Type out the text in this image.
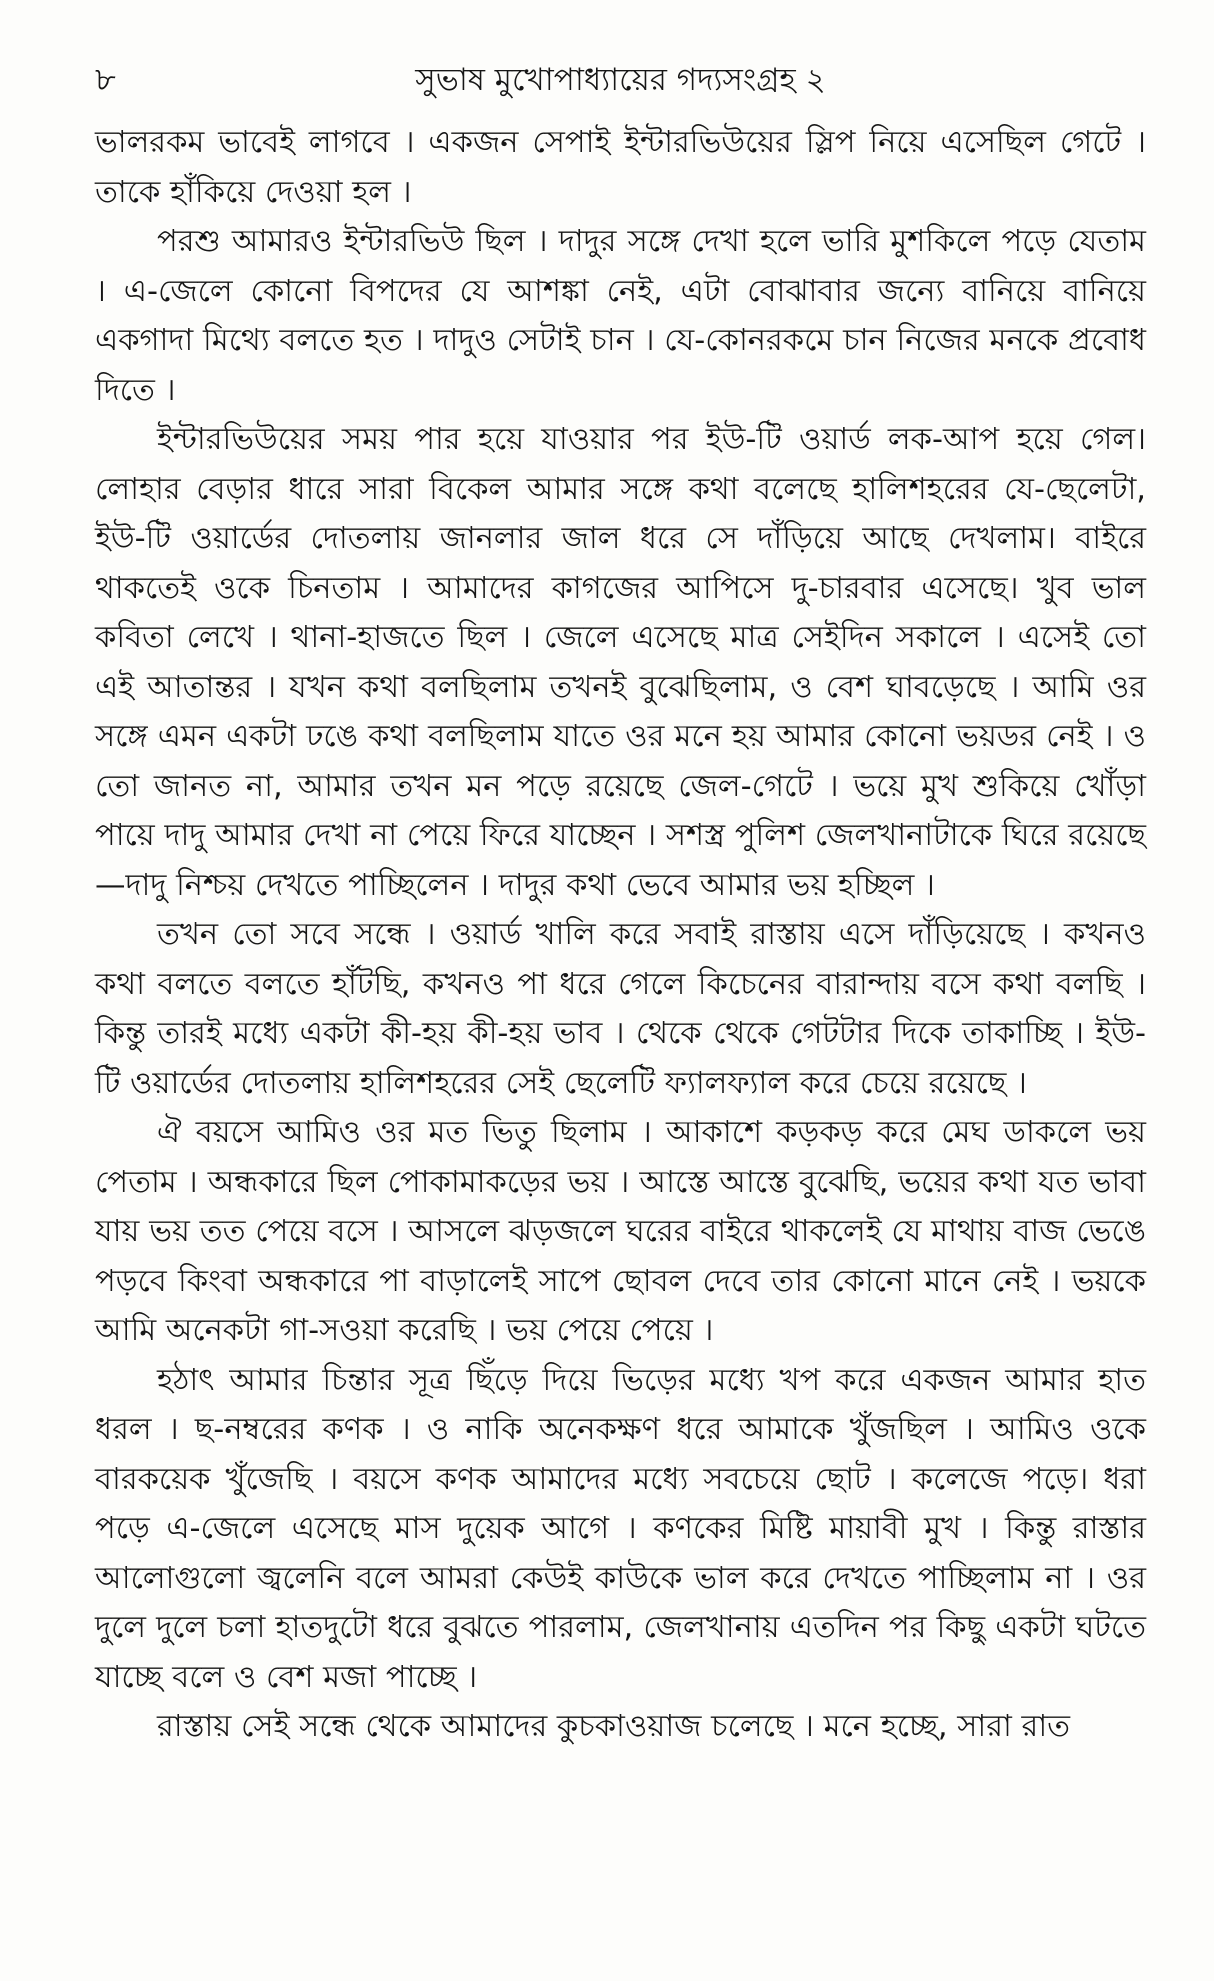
৮	সুভাষ মুখোপাধ্যায়ের গদ্যসংগ্রহ ২

ভালরকম ভাবেই লাগবে । একজন সেপাই ইন্টারভিউয়ের স্লিপ নিয়ে এসেছিল গেটে । তাকে হাঁকিয়ে দেওয়া হল ।

পরশু আমারও ইন্টারভিউ ছিল । দাদুর সঙ্গে দেখা হলে ভারি মুশকিলে পড়ে যেতাম । এ-জেলে কোনো বিপদের যে আশঙ্কা নেই, এটা বোঝাবার জন্যে বানিয়ে বানিয়ে একগাদা মিথ্যে বলতে হত । দাদুও সেটাই চান । যে-কোনরকমে চান নিজের মনকে প্রবোধ দিতে ।

ইন্টারভিউয়ের সময় পার হয়ে যাওয়ার পর ইউ-টি ওয়ার্ড লক-আপ হয়ে গেল। লোহার বেড়ার ধারে সারা বিকেল আমার সঙ্গে কথা বলেছে হালিশহরের যে-ছেলেটা, ইউ-টি ওয়ার্ডের দোতলায় জানলার জাল ধরে সে দাঁড়িয়ে আছে দেখলাম। বাইরে থাকতেই ওকে চিনতাম । আমাদের কাগজের আপিসে দু-চারবার এসেছে। খুব ভাল কবিতা লেখে । থানা-হাজতে ছিল । জেলে এসেছে মাত্র সেইদিন সকালে । এসেই তো এই আতান্তর । যখন কথা বলছিলাম তখনই বুঝেছিলাম, ও বেশ ঘাবড়েছে । আমি ওর সঙ্গে এমন একটা ঢঙে কথা বলছিলাম যাতে ওর মনে হয় আমার কোনো ভয়ডর নেই । ও তো জানত না, আমার তখন মন পড়ে রয়েছে জেল-গেটে । ভয়ে মুখ শুকিয়ে খোঁড়া পায়ে দাদু আমার দেখা না পেয়ে ফিরে যাচ্ছেন । সশস্ত্র পুলিশ জেলখানাটাকে ঘিরে রয়েছে—দাদু নিশ্চয় দেখতে পাচ্ছিলেন । দাদুর কথা ভেবে আমার ভয় হচ্ছিল ।

তখন তো সবে সন্ধে । ওয়ার্ড খালি করে সবাই রাস্তায় এসে দাঁড়িয়েছে । কখনও কথা বলতে বলতে হাঁটছি, কখনও পা ধরে গেলে কিচেনের বারান্দায় বসে কথা বলছি । কিন্তু তারই মধ্যে একটা কী-হয় কী-হয় ভাব । থেকে থেকে গেটটার দিকে তাকাচ্ছি । ইউ-টি ওয়ার্ডের দোতলায় হালিশহরের সেই ছেলেটি ফ্যালফ্যাল করে চেয়ে রয়েছে ।

ঐ বয়সে আমিও ওর মত ভিতু ছিলাম । আকাশে কড়কড় করে মেঘ ডাকলে ভয় পেতাম । অন্ধকারে ছিল পোকামাকড়ের ভয় । আস্তে আস্তে বুঝেছি, ভয়ের কথা যত ভাবা যায় ভয় তত পেয়ে বসে । আসলে ঝড়জলে ঘরের বাইরে থাকলেই যে মাথায় বাজ ভেঙে পড়বে কিংবা অন্ধকারে পা বাড়ালেই সাপে ছোবল দেবে তার কোনো মানে নেই । ভয়কে আমি অনেকটা গা-সওয়া করেছি । ভয় পেয়ে পেয়ে ।

হঠাৎ আমার চিন্তার সূত্র ছিঁড়ে দিয়ে ভিড়ের মধ্যে খপ করে একজন আমার হাত ধরল । ছ-নম্বরের কণক । ও নাকি অনেকক্ষণ ধরে আমাকে খুঁজছিল । আমিও ওকে বারকয়েক খুঁজেছি । বয়সে কণক আমাদের মধ্যে সবচেয়ে ছোট । কলেজে পড়ে। ধরা পড়ে এ-জেলে এসেছে মাস দুয়েক আগে । কণকের মিষ্টি মায়াবী মুখ । কিন্তু রাস্তার আলোগুলো জ্বলেনি বলে আমরা কেউই কাউকে ভাল করে দেখতে পাচ্ছিলাম না । ওর দুলে দুলে চলা হাতদুটো ধরে বুঝতে পারলাম, জেলখানায় এতদিন পর কিছু একটা ঘটতে যাচ্ছে বলে ও বেশ মজা পাচ্ছে ।

রাস্তায় সেই সন্ধে থেকে আমাদের কুচকাওয়াজ চলেছে । মনে হচ্ছে, সারা রাত
